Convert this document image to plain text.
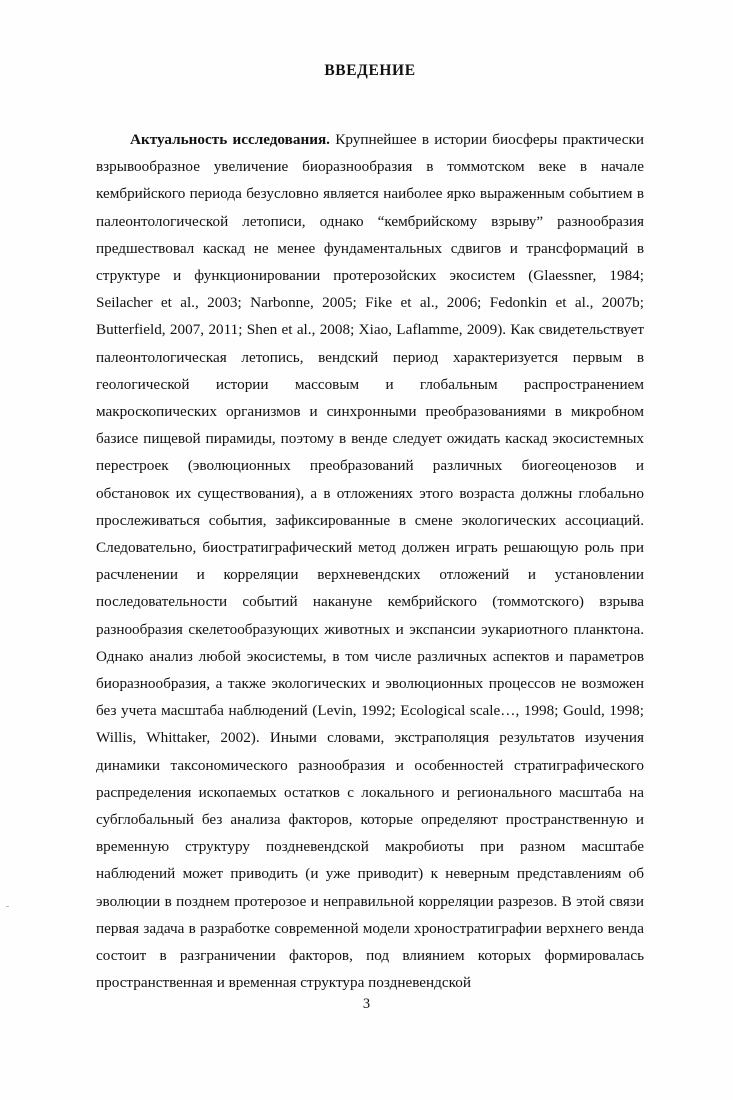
ВВЕДЕНИЕ

Актуальность исследования. Крупнейшее в истории биосферы практически взрывообразное увеличение биоразнообразия в томмотском веке в начале кембрийского периода безусловно является наиболее ярко выраженным событием в палеонтологической летописи, однако “кембрийскому взрыву” разнообразия предшествовал каскад не менее фундаментальных сдвигов и трансформаций в структуре и функционировании протерозойских экосистем (Glaessner, 1984; Seilacher et al., 2003; Narbonne, 2005; Fike et al., 2006; Fedonkin et al., 2007b; Butterfield, 2007, 2011; Shen et al., 2008; Xiao, Laflamme, 2009). Как свидетельствует палеонтологическая летопись, вендский период характеризуется первым в геологической истории массовым и глобальным распространением макроскопических организмов и синхронными преобразованиями в микробном базисе пищевой пирамиды, поэтому в венде следует ожидать каскад экосистемных перестроек (эволюционных преобразований различных биогеоценозов и обстановок их существования), а в отложениях этого возраста должны глобально прослеживаться события, зафиксированные в смене экологических ассоциаций. Следовательно, биостратиграфический метод должен играть решающую роль при расчленении и корреляции верхневендских отложений и установлении последовательности событий накануне кембрийского (томмотского) взрыва разнообразия скелетообразующих животных и экспансии эукариотного планктона. Однако анализ любой экосистемы, в том числе различных аспектов и параметров биоразнообразия, а также экологических и эволюционных процессов не возможен без учета масштаба наблюдений (Levin, 1992; Ecological scale…, 1998; Gould, 1998; Willis, Whittaker, 2002). Иными словами, экстраполяция результатов изучения динамики таксономического разнообразия и особенностей стратиграфического распределения ископаемых остатков с локального и регионального масштаба на субглобальный без анализа факторов, которые определяют пространственную и временную структуру поздневендской макробиоты при разном масштабе наблюдений может приводить (и уже приводит) к неверным представлениям об эволюции в позднем протерозое и неправильной корреляции разрезов. В этой связи первая задача в разработке современной модели хроностратиграфии верхнего венда состоит в разграничении факторов, под влиянием которых формировалась пространственная и временная структура поздневендской

3
